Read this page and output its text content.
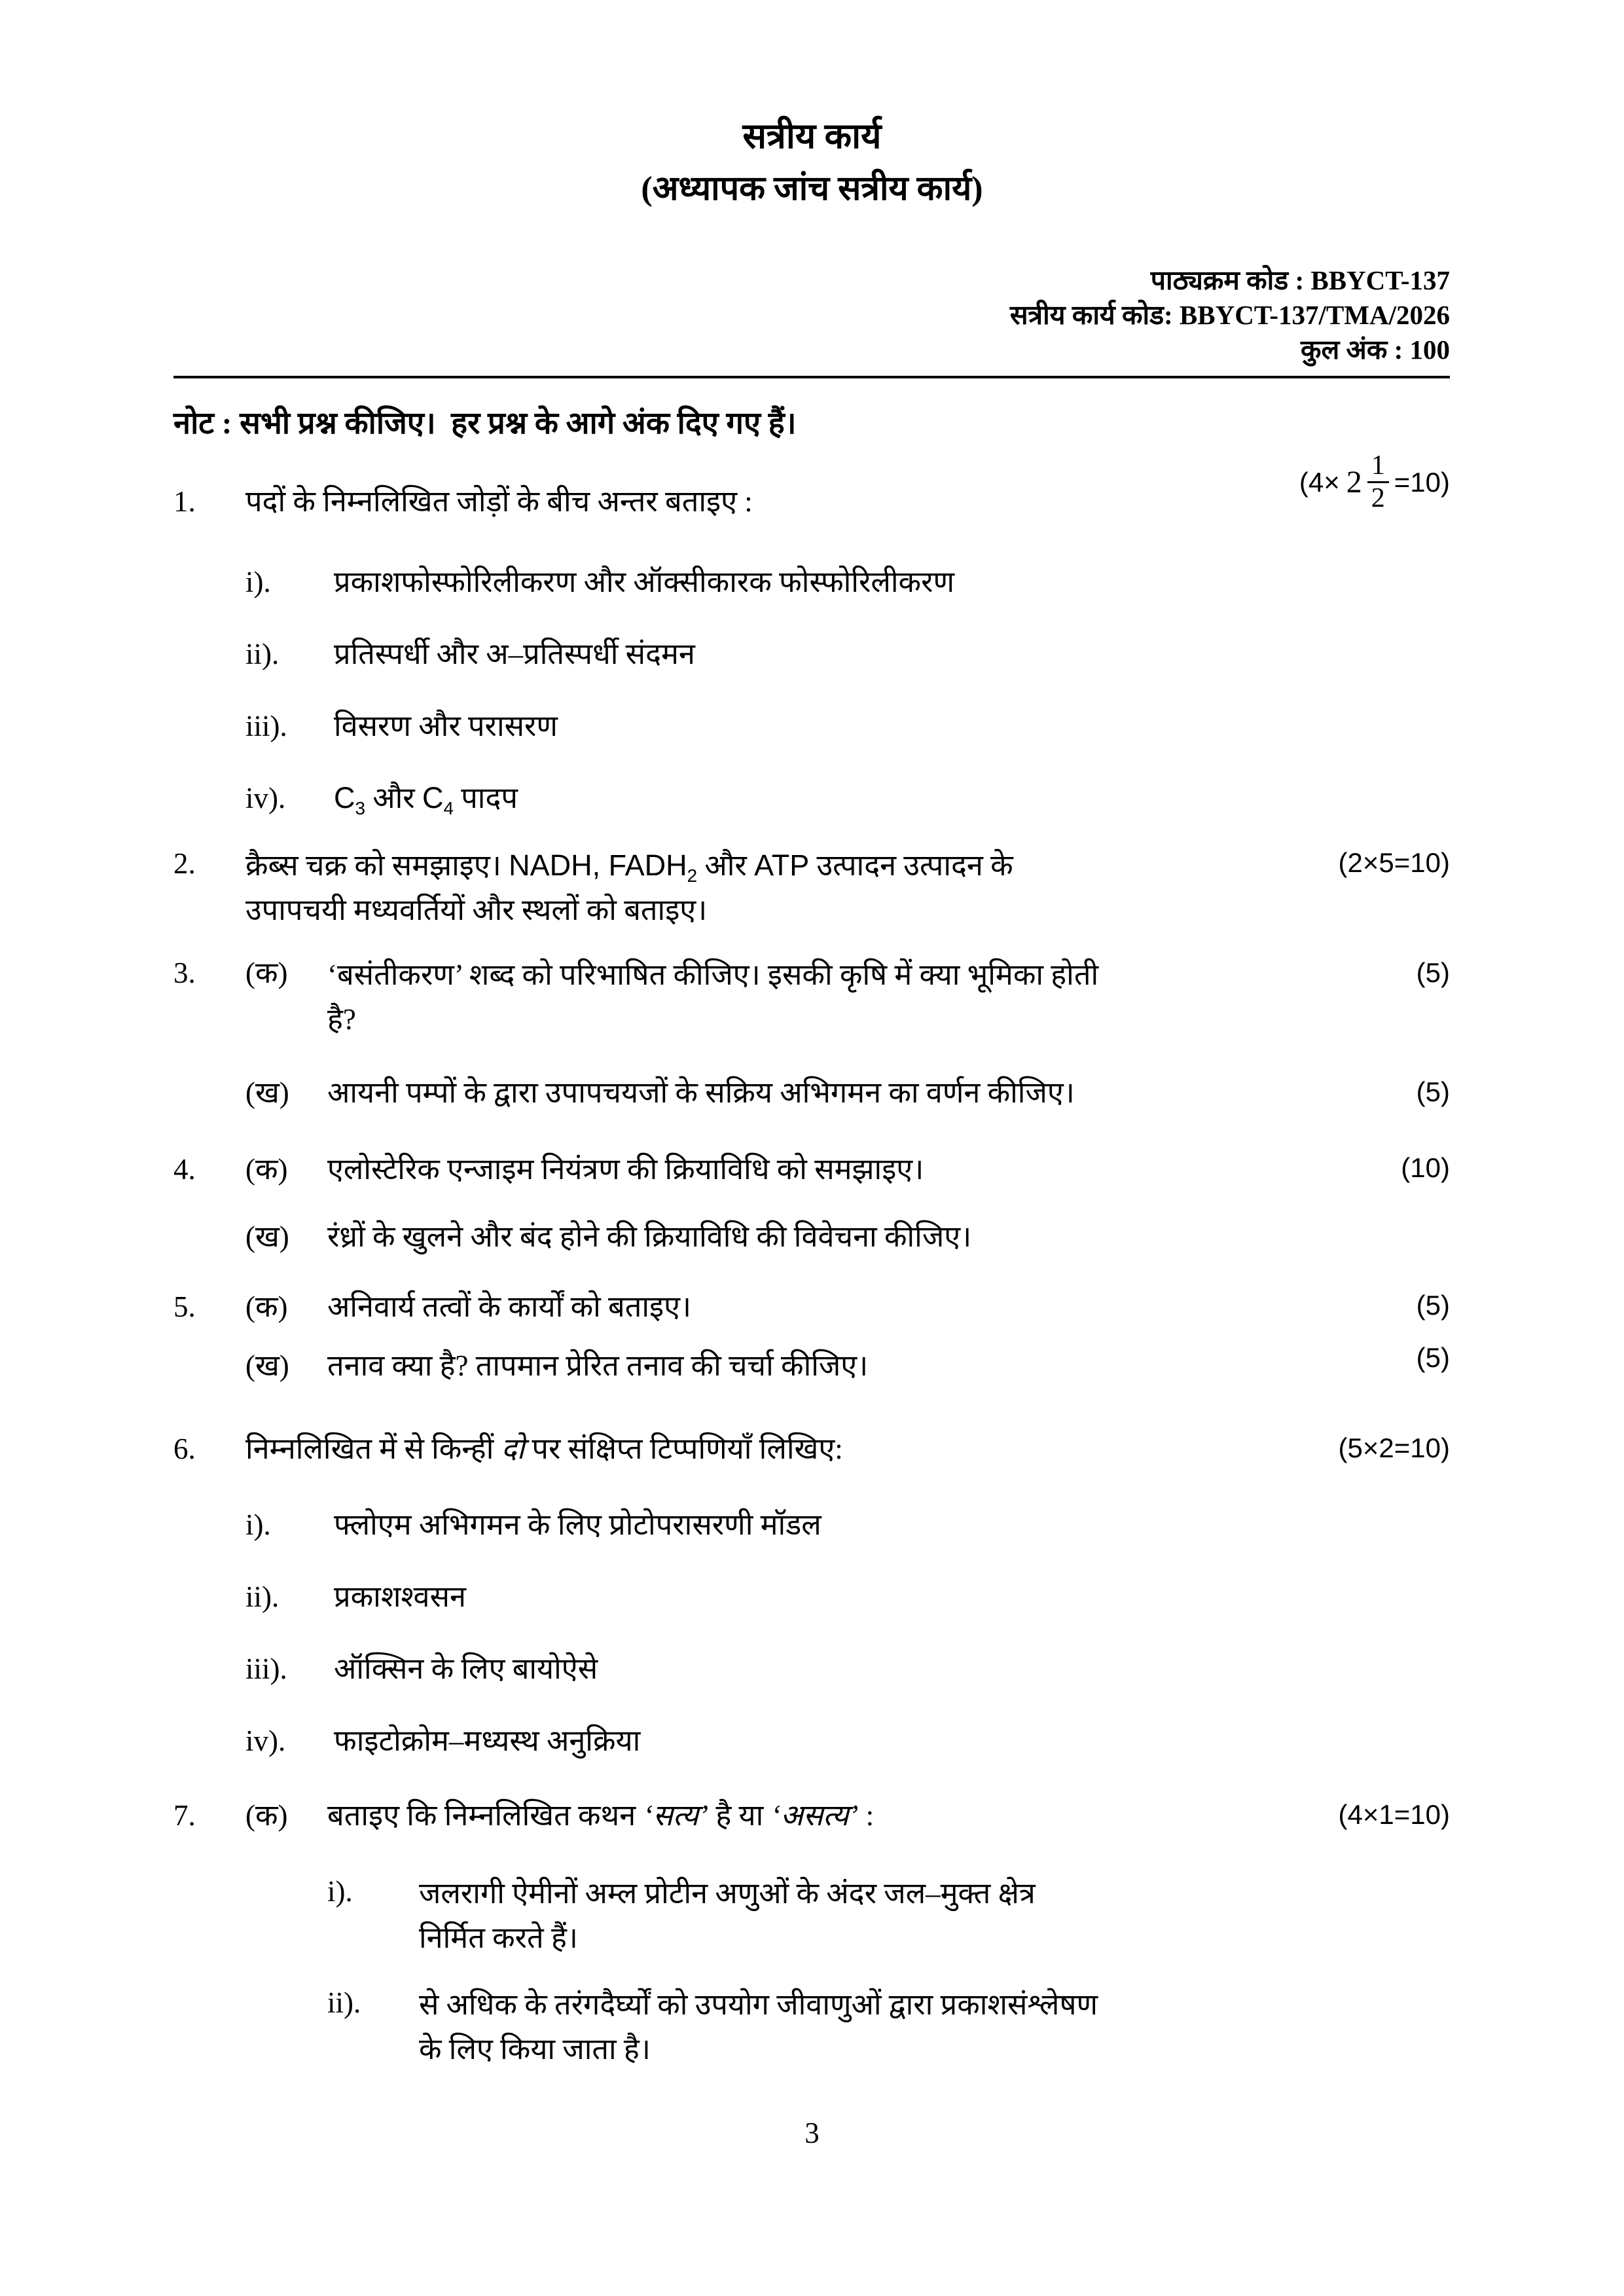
सत्रीय कार्य
(अध्यापक जांच सत्रीय कार्य)
पाठ्यक्रम कोड : BBYCT-137
सत्रीय कार्य कोड: BBYCT-137/TMA/2026
कुल अंक : 100
नोट : सभी प्रश्न कीजिए।  हर प्रश्न के आगे अंक दिए गए हैं।
1.	पदों के निम्नलिखित जोड़ों के बीच अन्तर बताइए :
$(4\times 2 \frac{1}{2} =10)$
i).	प्रकाशफोस्फोरिलीकरण और ऑक्सीकारक फोस्फोरिलीकरण
ii).	प्रतिस्पर्धी और अ–प्रतिस्पर्धी संदमन
iii).	विसरण और परासरण
iv).	$C_3$ और $C_4$ पादप
2.	क्रैब्स चक्र को समझाइए। NADH, $FADH_2$ और ATP उत्पादन उत्पादन के
उपापचयी मध्यवर्तियों और स्थलों को बताइए।
(2×5=10)
3.	(क)	‘बसंतीकरण’ शब्द को परिभाषित कीजिए। इसकी कृषि में क्या भूमिका होती
है?
(5)
(ख)	आयनी पम्पों के द्वारा उपापचयजों के सक्रिय अभिगमन का वर्णन कीजिए।	(5)
4.	(क)	एलोस्टेरिक एन्जाइम नियंत्रण की क्रियाविधि को समझाइए।	(10)
(ख)	रंध्रों के खुलने और बंद होने की क्रियाविधि की विवेचना कीजिए।
5.	(क)	अनिवार्य तत्वों के कार्यों को बताइए।	(5)
(ख)	तनाव क्या है? तापमान प्रेरित तनाव की चर्चा कीजिए।	(5)
6.	निम्नलिखित में से किन्हीं दो पर संक्षिप्त टिप्पणियाँ लिखिए:	(5×2=10)
i).	फ्लोएम अभिगमन के लिए प्रोटोपरासरणी मॉडल
ii).	प्रकाशश्वसन
iii).	ऑक्सिन के लिए बायोऐसे
iv).	फाइटोक्रोम–मध्यस्थ अनुक्रिया
7.	(क)	बताइए कि निम्नलिखित कथन ‘सत्य’ है या ‘असत्य’ :	(4×1=10)
i).	जलरागी ऐमीनों अम्ल प्रोटीन अणुओं के अंदर जल–मुक्त क्षेत्र
निर्मित करते हैं।
ii).	से अधिक के तरंगदैर्घ्यों को उपयोग जीवाणुओं द्वारा प्रकाशसंश्लेषण
के लिए किया जाता है।
3
